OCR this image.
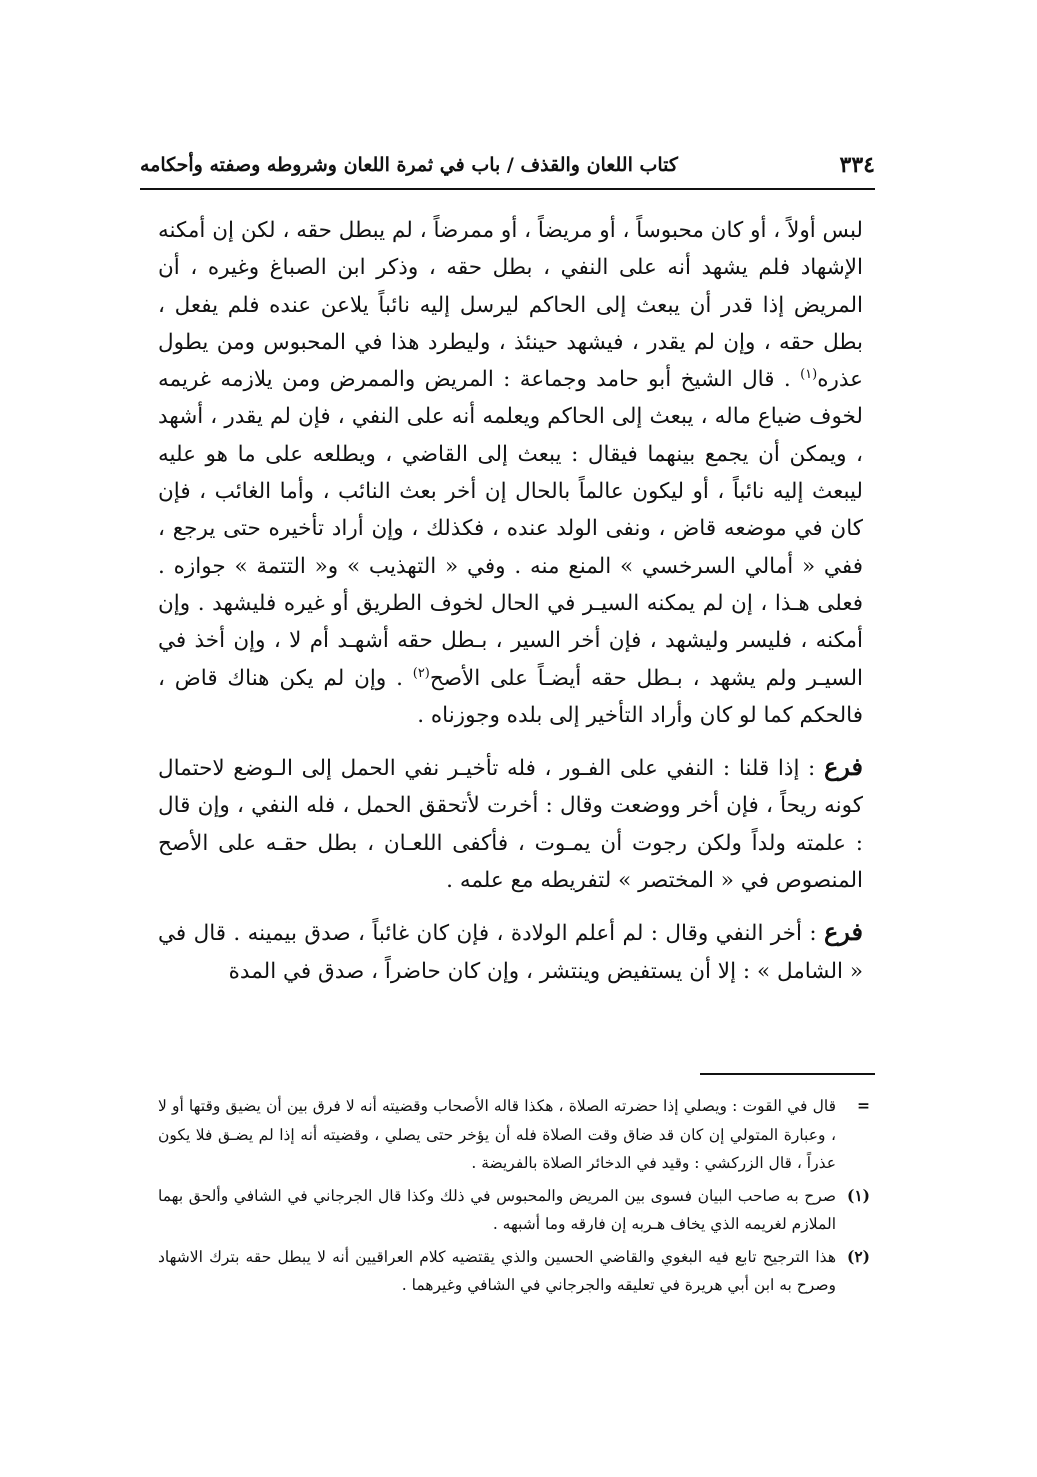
٣٣٤
كتاب اللعان والقذف / باب في ثمرة اللعان وشروطه وصفته وأحكامه

لبس أولاً ، أو كان محبوساً ، أو مريضاً ، أو ممرضاً ، لم يبطل حقه ، لكن إن أمكنه الإشهاد فلم يشهد أنه على النفي ، بطل حقه ، وذكر ابن الصباغ وغيره ، أن المريض إذا قدر أن يبعث إلى الحاكم ليرسل إليه نائباً يلاعن عنده فلم يفعل ، بطل حقه ، وإن لم يقدر ، فيشهد حينئذ ، وليطرد هذا في المحبوس ومن يطول عذره$^{(١)}$ . قال الشيخ أبو حامد وجماعة : المريض والممرض ومن يلازمه غريمه لخوف ضياع ماله ، يبعث إلى الحاكم ويعلمه أنه على النفي ، فإن لم يقدر ، أشهد ، ويمكن أن يجمع بينهما فيقال : يبعث إلى القاضي ، ويطلعه على ما هو عليه ليبعث إليه نائباً ، أو ليكون عالماً بالحال إن أخر بعث النائب ، وأما الغائب ، فإن كان في موضعه قاض ، ونفى الولد عنده ، فكذلك ، وإن أراد تأخيره حتى يرجع ، ففي « أمالي السرخسي » المنع منه . وفي « التهذيب » و« التتمة » جوازه . فعلى هـذا ، إن لم يمكنه السيـر في الحال لخوف الطريق أو غيره فليشهد . وإن أمكنه ، فليسر وليشهد ، فإن أخر السير ، بـطل حقه أشهـد أم لا ، وإن أخذ في السيـر ولم يشهد ، بـطل حقه أيضـاً على الأصح$^{(٢)}$ . وإن لم يكن هناك قاض ، فالحكم كما لو كان وأراد التأخير إلى بلده وجوزناه .

فرع : إذا قلنا : النفي على الفـور ، فله تأخيـر نفي الحمل إلى الـوضع لاحتمال كونه ريحاً ، فإن أخر ووضعت وقال : أخرت لأتحقق الحمل ، فله النفي ، وإن قال : علمته ولداً ولكن رجوت أن يمـوت ، فأكفى اللعـان ، بطل حقـه على الأصح المنصوص في « المختصر » لتفريطه مع علمه .

فرع : أخر النفي وقال : لم أعلم الولادة ، فإن كان غائباً ، صدق بيمينه . قال في « الشامل » : إلا أن يستفيض وينتشر ، وإن كان حاضراً ، صدق في المدة

=
قال في القوت : ويصلي إذا حضرته الصلاة ، هكذا قاله الأصحاب وقضيته أنه لا فرق بين أن يضيق وقتها أو لا ، وعبارة المتولي إن كان قد ضاق وقت الصلاة فله أن يؤخر حتى يصلي ، وقضيته أنه إذا لم يضـق فلا يكون عذراً ، قال الزركشي : وقيد في الدخائر الصلاة بالفريضة .
(١)
صرح به صاحب البيان فسوى بين المريض والمحبوس في ذلك وكذا قال الجرجاني في الشافي وألحق بهما الملازم لغريمه الذي يخاف هـربه إن فارقه وما أشبهه .
(٢)
هذا الترجيح تابع فيه البغوي والقاضي الحسين والذي يقتضيه كلام العراقيين أنه لا يبطل حقه بترك الاشهاد وصرح به ابن أبي هريرة في تعليقه والجرجاني في الشافي وغيرهما .
